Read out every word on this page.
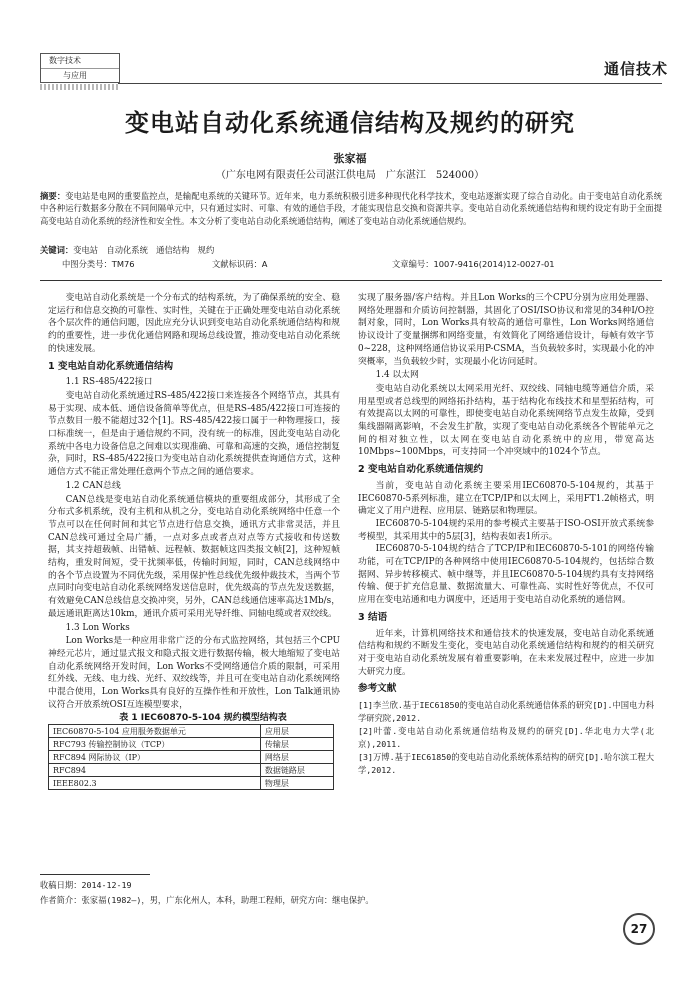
数字技术
与应用	通信技术
变电站自动化系统通信结构及规约的研究
张家福
（广东电网有限责任公司湛江供电局　广东湛江　524000）
摘要：变电站是电网的重要监控点，是输配电系统的关键环节。近年来，电力系统积极引进多种现代化科学技术，变电站逐渐实现了综合自动化。由于变电站自动化系统中各种运行数据多分散在不同间隔单元中，只有通过实时、可靠、有效的通信手段，才能实现信息交换和资源共享。变电站自动化系统通信结构和规约设定有助于全面提高变电站自动化系统的经济性和安全性。本文分析了变电站自动化系统通信结构，阐述了变电站自动化系统通信规约。
关键词：变电站　自动化系统　通信结构　规约
中图分类号：TM76	文献标识码：A	文章编号：1007-9416(2014)12-0027-01

变电站自动化系统是一个分布式的结构系统，为了确保系统的安全、稳定运行和信息交换的可靠性、实时性，关键在于正确处理变电站自动化系统各个层次件的通信问题，因此应充分认识到变电站自动化系统通信结构和规约的重要性，进一步优化通信网路和现场总线设置，推动变电站自动化系统的快速发展。

1 变电站自动化系统通信结构

1.1 RS-485/422接口

变电站自动化系统通过RS-485/422接口来连接各个网络节点，其具有易于实现、成本低、通信设备简单等优点，但是RS-485/422接口可连接的节点数目一般不能超过32个[1]。RS-485/422接口属于一种物理接口，接口标准统一，但是由于通信规约不同，没有统一的标准，因此变电站自动化系统中各电力设备信息之间难以实现准确、可靠和高速的交换，通信控制复杂，同时，RS-485/422接口为变电站自动化系统提供查询通信方式，这种通信方式不能正常处理任意两个节点之间的通信要求。

1.2 CAN总线

CAN总线是变电站自动化系统通信模块的重要组成部分，其形成了全分布式多机系统，没有主机和从机之分，变电站自动化系统网络中任意一个节点可以在任何时间和其它节点进行信息交换，通讯方式非常灵活，并且CAN总线可通过全局广播，一点对多点或者点对点等方式接收和传送数据，其支持超载帧、出错帧、远程帧、数据帧这四类报文帧[2]，这种短帧结构，重发时间短，受干扰频率低，传输时间短，同时，CAN总线网络中的各个节点设置为不同优先级，采用保护性总线优先级仲裁技术，当两个节点同时向变电站自动化系统网络发送信息时，优先级高的节点先发送数据，有效避免CAN总线信息交换冲突，另外，CAN总线通信速率高达1Mb/s，最远通讯距离达10km，通讯介质可采用光导纤维、同轴电缆或者双绞线。

1.3 Lon Works

Lon Works是一种应用非常广泛的分布式监控网络，其包括三个CPU神经元芯片，通过显式报文和隐式报文进行数据传输，极大地缩短了变电站自动化系统网络开发时间，Lon Works不受网络通信介质的限制，可采用红外线、无线、电力线、光纤、双绞线等，并且可在变电站自动化系统网络中混合使用，Lon Works具有良好的互操作性和开放性，Lon Talk通讯协议符合开放系统OSI互连模型要求，

表 1 IEC60870-5-104 规约模型结构表

IEC60870-5-104 应用服务数据单元	应用层
RFC793 传输控制协议（TCP）	传输层
RFC894 网际协议（IP）	网络层
RFC894	数据链路层
IEEE802.3	物理层

实现了服务器/客户结构。并且Lon Works的三个CPU分别为应用处理器、网络处理器和介质访问控制器，其固化了OSI/ISO协议和常见的34种I/O控制对象，同时，Lon Works具有较高的通信可靠性，Lon Works网络通信协议设计了变量捆绑和网络变量，有效简化了网络通信设计，每帧有效字节0~228，这种网络通信协议采用P-CSMA，当负载较多时，实现最小化的冲突概率，当负载较少时，实现最小化访问延时。

1.4 以太网

变电站自动化系统以太网采用光纤、双绞线、同轴电缆等通信介质，采用星型或者总线型的网络拓扑结构，基于结构化布线技术和星型拓结构，可有效提高以太网的可靠性，即使变电站自动化系统网络节点发生故障，受到集线器隔离影响，不会发生扩散，实现了变电站自动化系统各个智能单元之间的相对独立性，以太网在变电站自动化系统中的应用，带宽高达10Mbps~100Mbps，可支持同一个冲突域中的1024个节点。

2 变电站自动化系统通信规约

当前，变电站自动化系统主要采用IEC60870-5-104规约，其基于IEC60870-5系列标准，建立在TCP/IP和以太网上，采用FT1.2帧格式，明确定义了用户进程、应用层、链路层和物理层。

IEC60870-5-104规约采用的参考模式主要基于ISO-OSI开放式系统参考模型，其采用其中的5层[3]，结构表如表1所示。

IEC60870-5-104规约结合了TCP/IP和IEC60870-5-101的网络传输功能，可在TCP/IP的各种网络中使用IEC60870-5-104规约，包括综合数据网、异步转移模式、帧中继等，并且IEC60870-5-104规约具有支持网络传输、便于扩充信息量、数据流量大、可靠性高、实时性好等优点，不仅可应用在变电站通和电力调度中，还适用于变电站自动化系统的通信网。

3 结语

近年来，计算机网络技术和通信技术的快速发展，变电站自动化系统通信结构和规约不断发生变化，变电站自动化系统通信结构和规约的相关研究对于变电站自动化系统发展有着重要影响，在未来发展过程中，应进一步加大研究力度。

参考文献

[1]李兰欣.基于IEC61850的变电站自动化系统通信体系的研究[D].中国电力科学研究院,2012.

[2]叶蕾.变电站自动化系统通信结构及规约的研究[D].华北电力大学(北京),2011.

[3]万博.基于IEC61850的变电站自动化系统体系结构的研究[D].哈尔滨工程大学,2012.

收稿日期：2014-12-19
作者简介：张家福(1982—)，男，广东化州人，本科，助理工程师，研究方向：继电保护。
27
